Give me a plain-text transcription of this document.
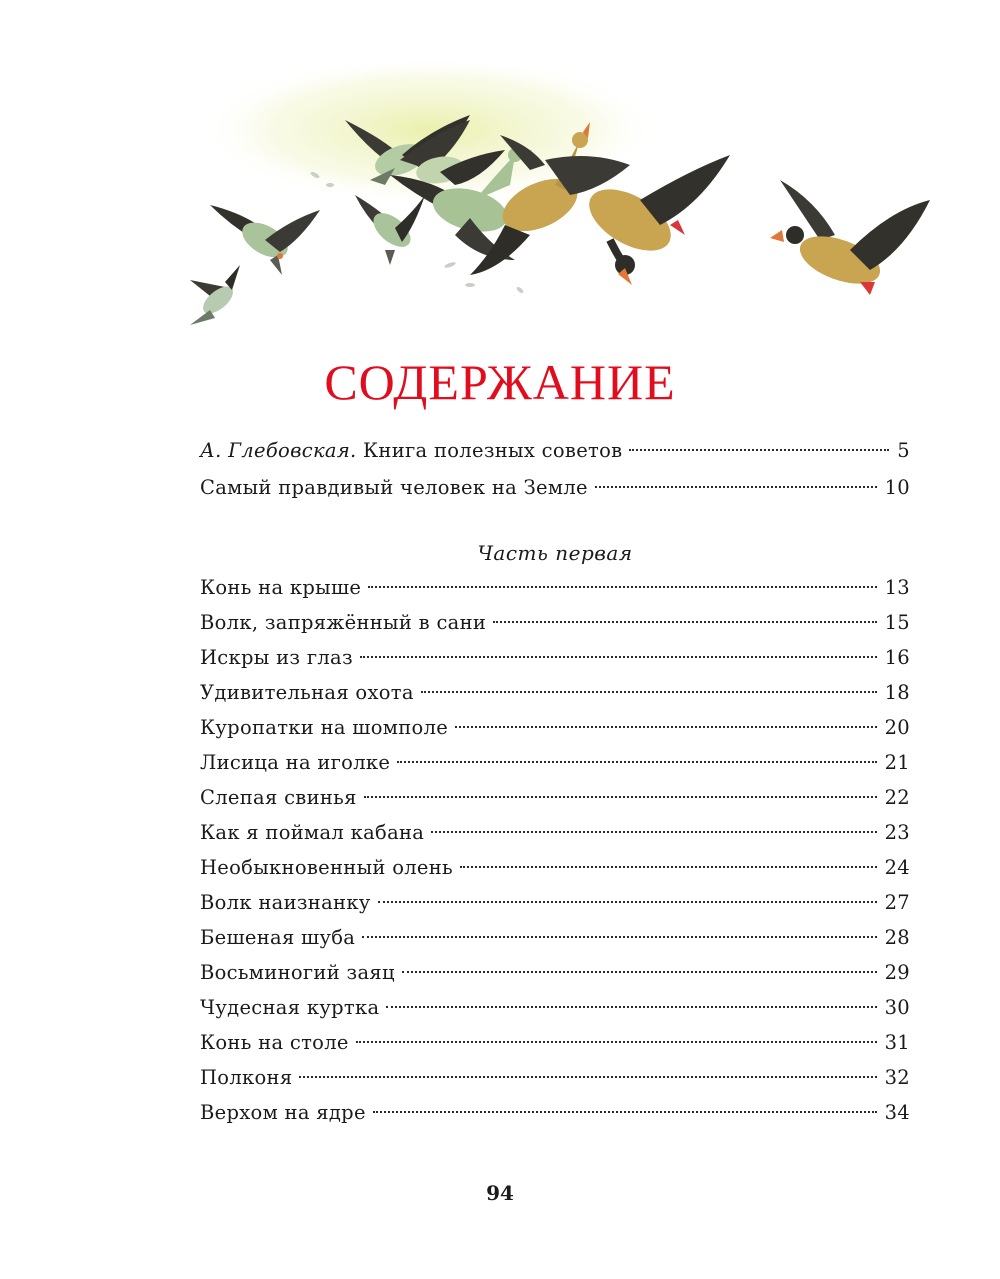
СОДЕРЖАНИЕ
А. Глебовская. Книга полезных советов	5
Самый правдивый человек на Земле	10
Часть первая
Конь на крыше	13
Волк, запряжённый в сани	15
Искры из глаз	16
Удивительная охота	18
Куропатки на шомполе	20
Лисица на иголке	21
Слепая свинья	22
Как я поймал кабана	23
Необыкновенный олень	24
Волк наизнанку	27
Бешеная шуба	28
Восьминогий заяц	29
Чудесная куртка	30
Конь на столе	31
Полконя	32
Верхом на ядре	34
94
